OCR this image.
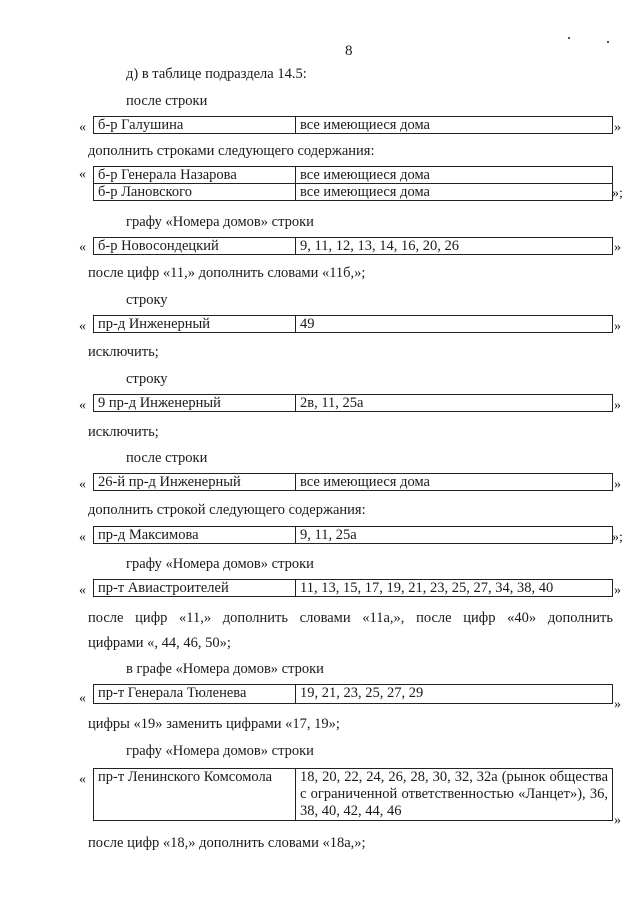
8
д) в таблице подраздела 14.5:
после строки
« б-р Галушина	все имеющиеся дома	»
дополнить строками следующего содержания:
« б-р Генерала Назарова	все имеющиеся дома
б-р Лановского	все имеющиеся дома	»;
графу «Номера домов» строки
« б-р Новосондецкий	9, 11, 12, 13, 14, 16, 20, 26	»
после цифр «11,» дополнить словами «11б,»;
строку
« пр-д Инженерный	49	»
исключить;
строку
« 9 пр-д Инженерный	2в, 11, 25а	»
исключить;
после строки
« 26-й пр-д Инженерный	все имеющиеся дома	»
дополнить строкой следующего содержания:
« пр-д Максимова	9, 11, 25а	»;
графу «Номера домов» строки
« пр-т Авиастроителей	11, 13, 15, 17, 19, 21, 23, 25, 27, 34, 38, 40	»
после цифр «11,» дополнить словами «11а,», после цифр «40» дополнить
цифрами «, 44, 46, 50»;
в графе «Номера домов» строки
« пр-т Генерала Тюленева	19, 21, 23, 25, 27, 29
»
цифры «19» заменить цифрами «17, 19»;
графу «Номера домов» строки
« пр-т Ленинского Комсомола	18, 20, 22, 24, 26, 28, 30, 32, 32а (рынок общества с ограниченной ответственностью «Ланцет»), 36, 38, 40, 42, 44, 46
»
после цифр «18,» дополнить словами «18а,»;
